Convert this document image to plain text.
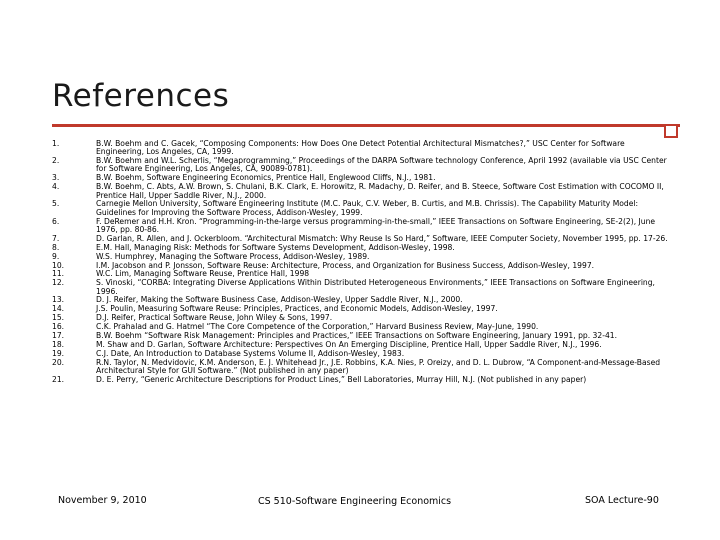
References
1.	B.W. Boehm and C. Gacek, “Composing Components: How Does One Detect Potential Architectural Mismatches?,” USC Center for Software Engineering, Los Angeles, CA, 1999.
2.	B.W. Boehm and W.L. Scherlis, “Megaprogramming,” Proceedings of the DARPA Software technology Conference, April 1992 (available via USC Center for Software Engineering, Los Angeles, CA, 90089-0781).
3.	B.W. Boehm, Software Engineering Economics, Prentice Hall, Englewood Cliffs, N.J., 1981.
4.	B.W. Boehm, C. Abts, A.W. Brown, S. Chulani, B.K. Clark, E. Horowitz, R. Madachy, D. Reifer, and B. Steece, Software Cost Estimation with COCOMO II, Prentice Hall, Upper Saddle River, N.J., 2000.
5.	Carnegie Mellon University, Software Engineering Institute (M.C. Pauk, C.V. Weber, B. Curtis, and M.B. Chrissis). The Capability Maturity Model: Guidelines for Improving the Software Process, Addison-Wesley, 1999.
6.	F. DeRemer and H.H. Kron. “Programming-in-the-large versus programming-in-the-small,” IEEE Transactions on Software Engineering, SE-2(2), June 1976, pp. 80-86.
7.	D. Garlan, R. Allen, and J. Ockerbloom. “Architectural Mismatch: Why Reuse Is So Hard,” Software, IEEE Computer Society, November 1995, pp. 17-26.
8.	E.M. Hall, Managing Risk: Methods for Software Systems Development, Addison-Wesley, 1998.
9.	W.S. Humphrey, Managing the Software Process, Addison-Wesley, 1989.
10.	I.M. Jacobson and P. Jonsson, Software Reuse: Architecture, Process, and Organization for Business Success, Addison-Wesley, 1997.
11.	W.C. Lim, Managing Software Reuse, Prentice Hall, 1998
12.	S. Vinoski, “CORBA: Integrating Diverse Applications Within Distributed Heterogeneous Environments,” IEEE Transactions on Software Engineering, 1996.
13.	D. J. Reifer, Making the Software Business Case, Addison-Wesley, Upper Saddle River, N.J., 2000.
14.	J.S. Poulin, Measuring Software Reuse: Principles, Practices, and Economic Models, Addison-Wesley, 1997.
15.	D.J. Reifer, Practical Software Reuse, John Wiley & Sons, 1997.
16.	C.K. Prahalad and G. Hatmel “The Core Competence of the Corporation,” Harvard Business Review, May-June, 1990.
17.	B.W. Boehm “Software Risk Management: Principles and Practices,” IEEE Transactions on Software Engineering, January 1991, pp. 32-41.
18.	M. Shaw and D. Garlan, Software Architecture: Perspectives On An Emerging Discipline, Prentice Hall, Upper Saddle River, N.J., 1996.
19.	C.J. Date, An Introduction to Database Systems Volume II, Addison-Wesley, 1983.
20.	R.N. Taylor, N. Medvidovic, K.M. Anderson, E. J. Whitehead Jr., J.E. Robbins, K.A. Nies, P. Oreizy, and D. L. Dubrow, “A Component-and-Message-Based Architectural Style for GUI Software.” (Not published in any paper)
21.	D. E. Perry, “Generic Architecture Descriptions for Product Lines,” Bell Laboratories, Murray Hill, N.J. (Not published in any paper)
November 9, 2010	CS 510-Software Engineering Economics	SOA Lecture-90
